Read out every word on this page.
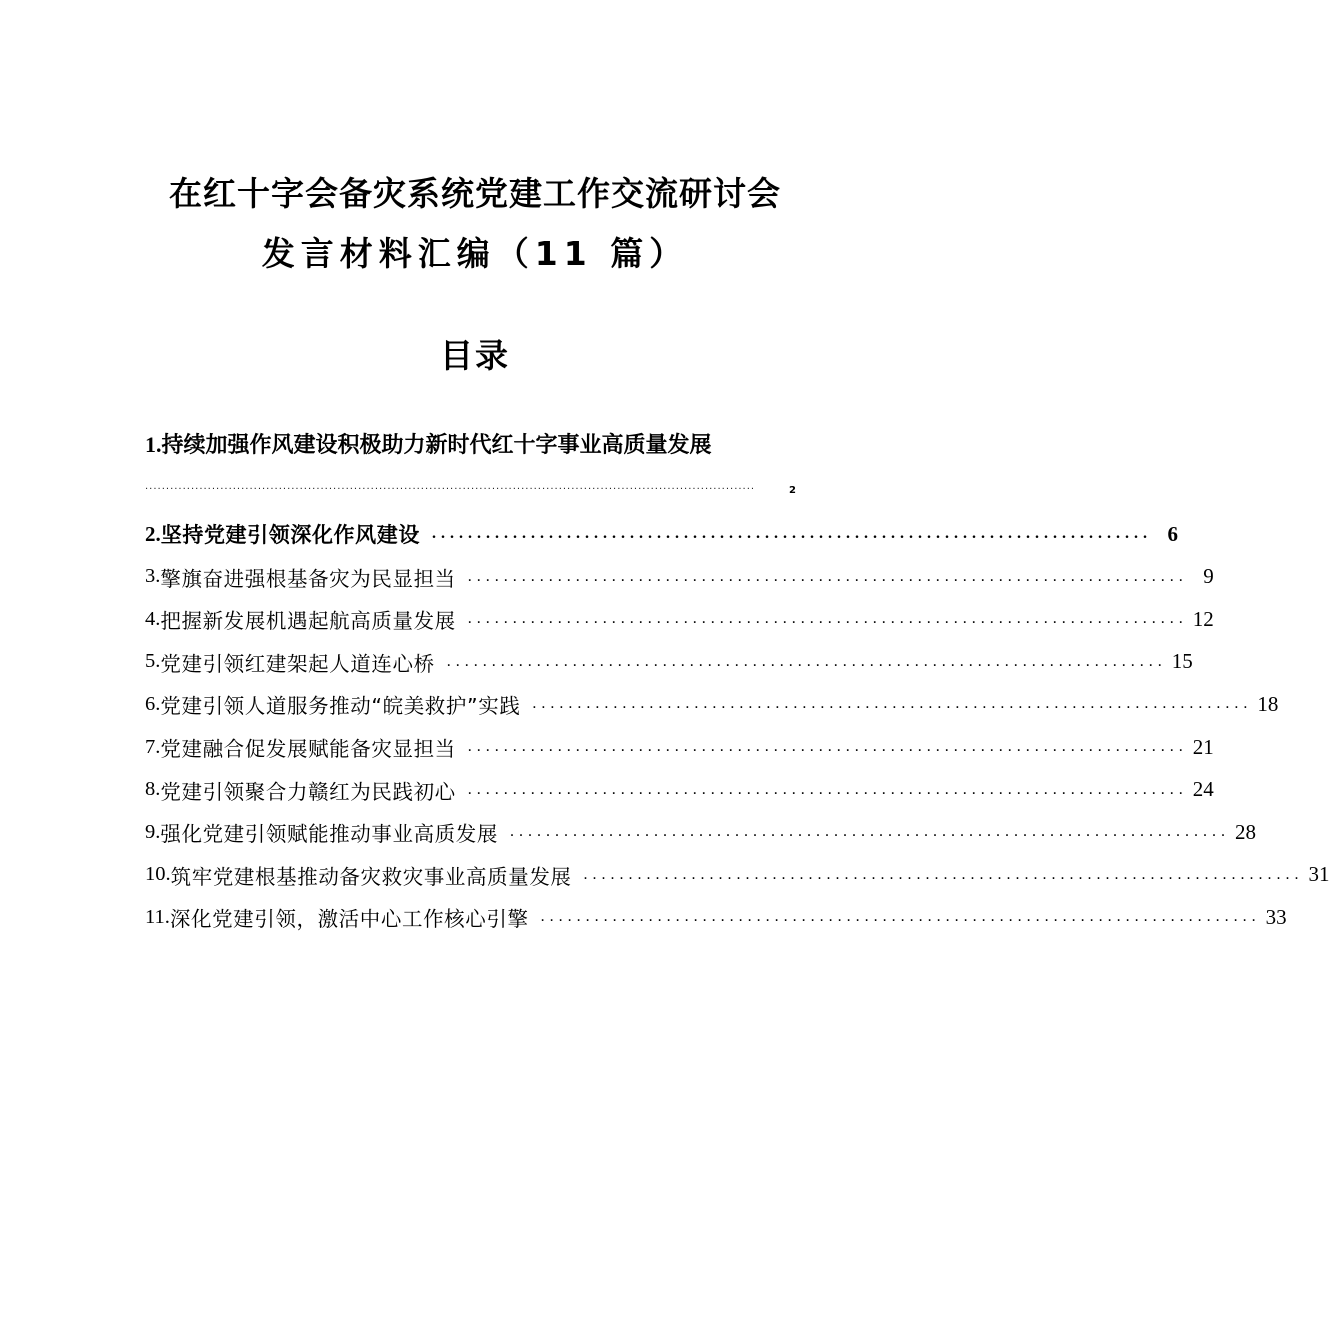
在红十字会备灾系统党建工作交流研讨会
发言材料汇编（11 篇）
目录
1.持续加强作风建设积极助力新时代红十字事业高质量发展
..................................................................................................................................................	2
2. 坚持党建引领深化作风建设 ................................................................................ 6
3. 擎旗奋进强根基备灾为民显担当 ................................................................................ 9
4. 把握新发展机遇起航高质量发展 ................................................................................ 12
5. 党建引领红建架起人道连心桥 ................................................................................ 15
6. 党建引领人道服务推动“皖美救护”实践 ................................................................................ 18
7. 党建融合促发展赋能备灾显担当 ................................................................................ 21
8. 党建引领聚合力赣红为民践初心 ................................................................................ 24
9. 强化党建引领赋能推动事业高质发展 ................................................................................ 28
10. 筑牢党建根基推动备灾救灾事业高质量发展 ................................................................................ 31
11. 深化党建引领，激活中心工作核心引擎 ................................................................................ 33
